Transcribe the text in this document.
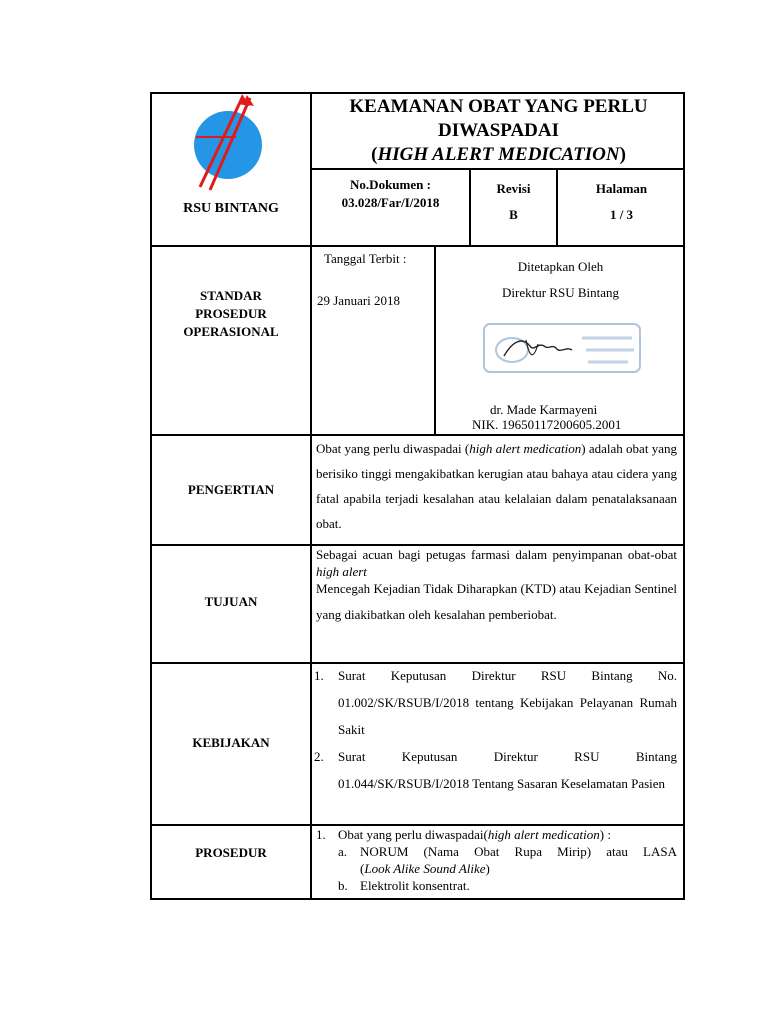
RSU BINTANG
KEAMANAN OBAT YANG PERLU
DIWASPADAI
(HIGH ALERT MEDICATION)
No.Dokumen :
03.028/Far/I/2018
Revisi
B
Halaman
1 / 3
STANDAR
PROSEDUR
OPERASIONAL
Tanggal Terbit :
29 Januari 2018
Ditetapkan Oleh
Direktur RSU Bintang
dr. Made Karmayeni
NIK. 19650117200605.2001
PENGERTIAN
Obat yang perlu diwaspadai (high alert medication) adalah obat yang berisiko tinggi mengakibatkan kerugian atau bahaya atau cidera yang fatal apabila terjadi kesalahan atau kelalaian dalam penatalaksanaan obat.
TUJUAN

Sebagai acuan bagi petugas farmasi dalam penyimpanan obat-obat high alert

Mencegah Kejadian Tidak Diharapkan (KTD) atau Kejadian Sentinel yang diakibatkan oleh kesalahan pemberiobat.

KEBIJAKAN
1. Surat Keputusan Direktur RSU Bintang No. 01.002/SK/RSUB/I/2018 tentang Kebijakan Pelayanan Rumah Sakit

2. Surat Keputusan Direktur RSU Bintang 01.044/SK/RSUB/I/2018 Tentang Sasaran Keselamatan Pasien

PROSEDUR
1. Obat yang perlu diwaspadai(high alert medication) :
a. NORUM (Nama Obat Rupa Mirip) atau LASA

(Look Alike Sound Alike)

b. Elektrolit konsentrat.
